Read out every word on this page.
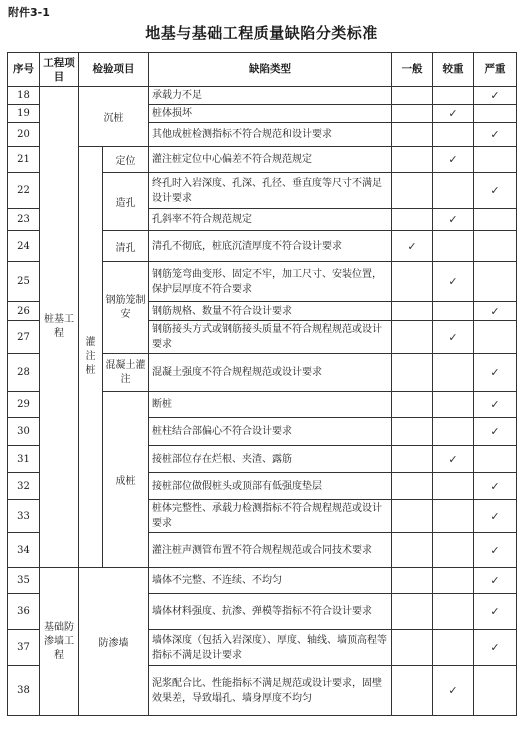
附件3-1
地基与基础工程质量缺陷分类标准
序号	工程项目	检验项目		缺陷类型	一般	较重	严重
18	桩基工程	沉桩		承载力不足			✓
19				桩体损坏		✓	
20				其他成桩检测指标不符合规范和设计要求			✓
21		灌注桩	定位	灌注桩定位中心偏差不符合规范规定		✓	
22			造孔	终孔时入岩深度、孔深、孔径、垂直度等尺寸不满足设计要求			✓
23				孔斜率不符合规范规定		✓	
24			清孔	清孔不彻底，桩底沉渣厚度不符合设计要求	✓		
25			钢筋笼制安	钢筋笼弯曲变形、固定不牢，加工尺寸、安装位置，保护层厚度不符合要求		✓	
26				钢筋规格、数量不符合设计要求			✓
27				钢筋接头方式或钢筋接头质量不符合规程规范或设计要求		✓	
28			混凝土灌注	混凝土强度不符合规程规范或设计要求			✓
29			成桩	断桩			✓
30				桩柱结合部偏心不符合设计要求			✓
31				接桩部位存在烂根、夹渣、露筋		✓	
32				接桩部位做假桩头或顶部有低强度垫层			✓
33				桩体完整性、承载力检测指标不符合规程规范或设计要求			✓
34				灌注桩声测管布置不符合规程规范或合同技术要求			✓
35	基础防渗墙工程	防渗墙		墙体不完整、不连续、不均匀			✓
36				墙体材料强度、抗渗、弹模等指标不符合设计要求			✓
37				墙体深度（包括入岩深度）、厚度、轴线、墙顶高程等指标不满足设计要求			✓
38				泥浆配合比、性能指标不满足规范或设计要求，固壁效果差，导致塌孔、墙身厚度不均匀		✓	
